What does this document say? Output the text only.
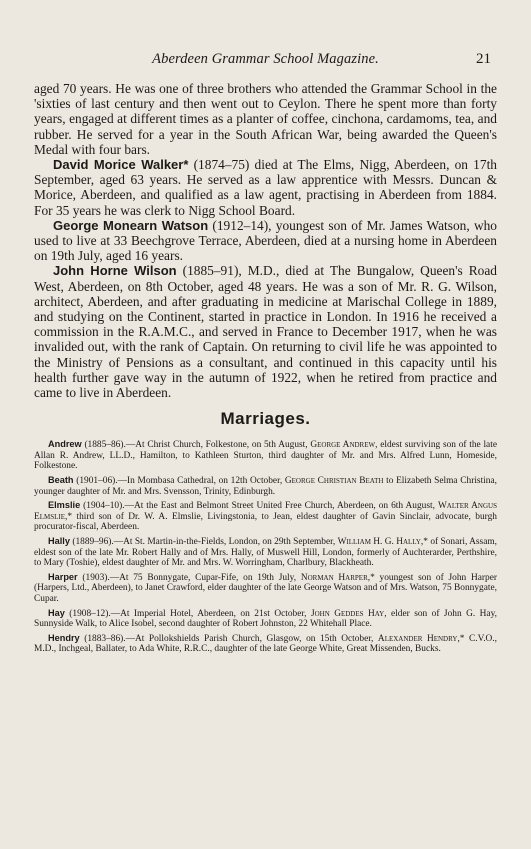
Aberdeen Grammar School Magazine.	21

aged 70 years. He was one of three brothers who attended the Grammar School in the 'sixties of last century and then went out to Ceylon. There he spent more than forty years, engaged at different times as a planter of coffee, cinchona, cardamoms, tea, and rubber. He served for a year in the South African War, being awarded the Queen's Medal with four bars.

David Morice Walker* (1874–75) died at The Elms, Nigg, Aberdeen, on 17th September, aged 63 years. He served as a law apprentice with Messrs. Duncan & Morice, Aberdeen, and qualified as a law agent, practising in Aberdeen from 1884. For 35 years he was clerk to Nigg School Board.

George Monearn Watson (1912–14), youngest son of Mr. James Watson, who used to live at 33 Beechgrove Terrace, Aberdeen, died at a nursing home in Aberdeen on 19th July, aged 16 years.

John Horne Wilson (1885–91), M.D., died at The Bungalow, Queen's Road West, Aberdeen, on 8th October, aged 48 years. He was a son of Mr. R. G. Wilson, architect, Aberdeen, and after graduating in medicine at Marischal College in 1889, and studying on the Continent, started in practice in London. In 1916 he received a commission in the R.A.M.C., and served in France to December 1917, when he was invalided out, with the rank of Captain. On returning to civil life he was appointed to the Ministry of Pensions as a consultant, and continued in this capacity until his health further gave way in the autumn of 1922, when he retired from practice and came to live in Aberdeen.

Marriages.

Andrew (1885–86).—At Christ Church, Folkestone, on 5th August, George Andrew, eldest surviving son of the late Allan R. Andrew, LL.D., Hamilton, to Kathleen Sturton, third daughter of Mr. and Mrs. Alfred Lunn, Homeside, Folkestone.

Beath (1901–06).—In Mombasa Cathedral, on 12th October, George Christian Beath to Elizabeth Selma Christina, younger daughter of Mr. and Mrs. Svensson, Trinity, Edinburgh.

Elmslie (1904–10).—At the East and Belmont Street United Free Church, Aberdeen, on 6th August, Walter Angus Elmslie,* third son of Dr. W. A. Elmslie, Livingstonia, to Jean, eldest daughter of Gavin Sinclair, advocate, burgh procurator-fiscal, Aberdeen.

Hally (1889–96).—At St. Martin-in-the-Fields, London, on 29th September, William H. G. Hally,* of Sonari, Assam, eldest son of the late Mr. Robert Hally and of Mrs. Hally, of Muswell Hill, London, formerly of Auchterarder, Perthshire, to Mary (Toshie), eldest daughter of Mr. and Mrs. W. Worringham, Charlbury, Blackheath.

Harper (1903).—At 75 Bonnygate, Cupar-Fife, on 19th July, Norman Harper,* youngest son of John Harper (Harpers, Ltd., Aberdeen), to Janet Crawford, elder daughter of the late George Watson and of Mrs. Watson, 75 Bonnygate, Cupar.

Hay (1908–12).—At Imperial Hotel, Aberdeen, on 21st October, John Geddes Hay, elder son of John G. Hay, Sunnyside Walk, to Alice Isobel, second daughter of Robert Johnston, 22 Whitehall Place.

Hendry (1883–86).—At Pollokshields Parish Church, Glasgow, on 15th October, Alexander Hendry,* C.V.O., M.D., Inchgeal, Ballater, to Ada White, R.R.C., daughter of the late George White, Great Missenden, Bucks.
